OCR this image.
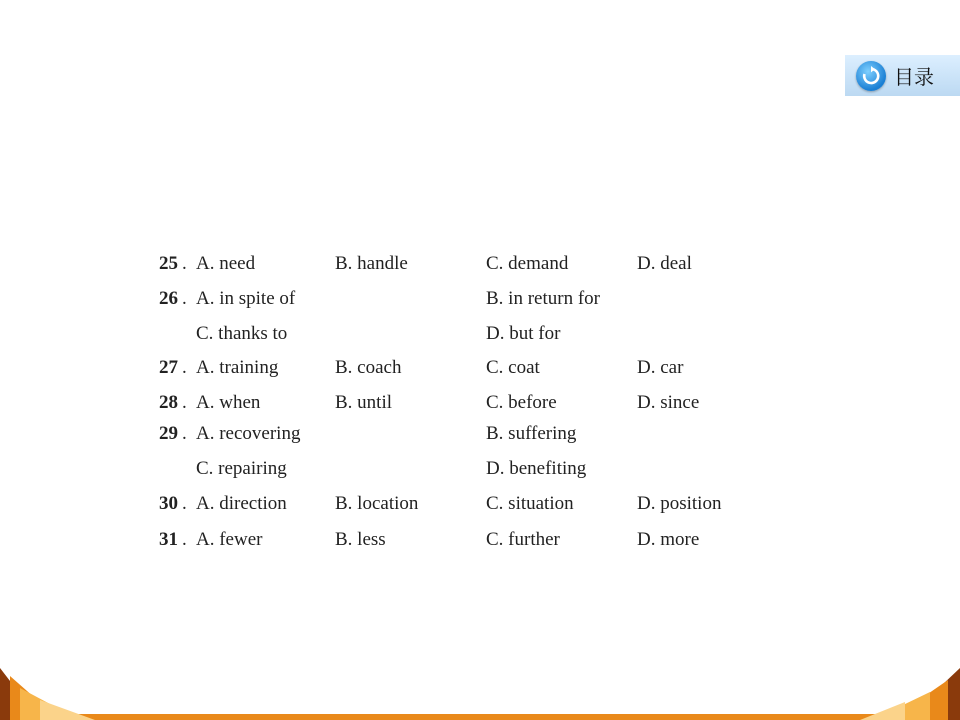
目录
25 . A. need	B. handle	C. demand	D. deal
26 . A. in spite of	B. in return for
C. thanks to	D. but for
27 . A. training	B. coach	C. coat	D. car
28 . A. when	B. until	C. before	D. since
29 . A. recovering	B. suffering
C. repairing	D. benefiting
30 . A. direction	B. location	C. situation	D. position
31 . A. fewer	B. less	C. further	D. more
